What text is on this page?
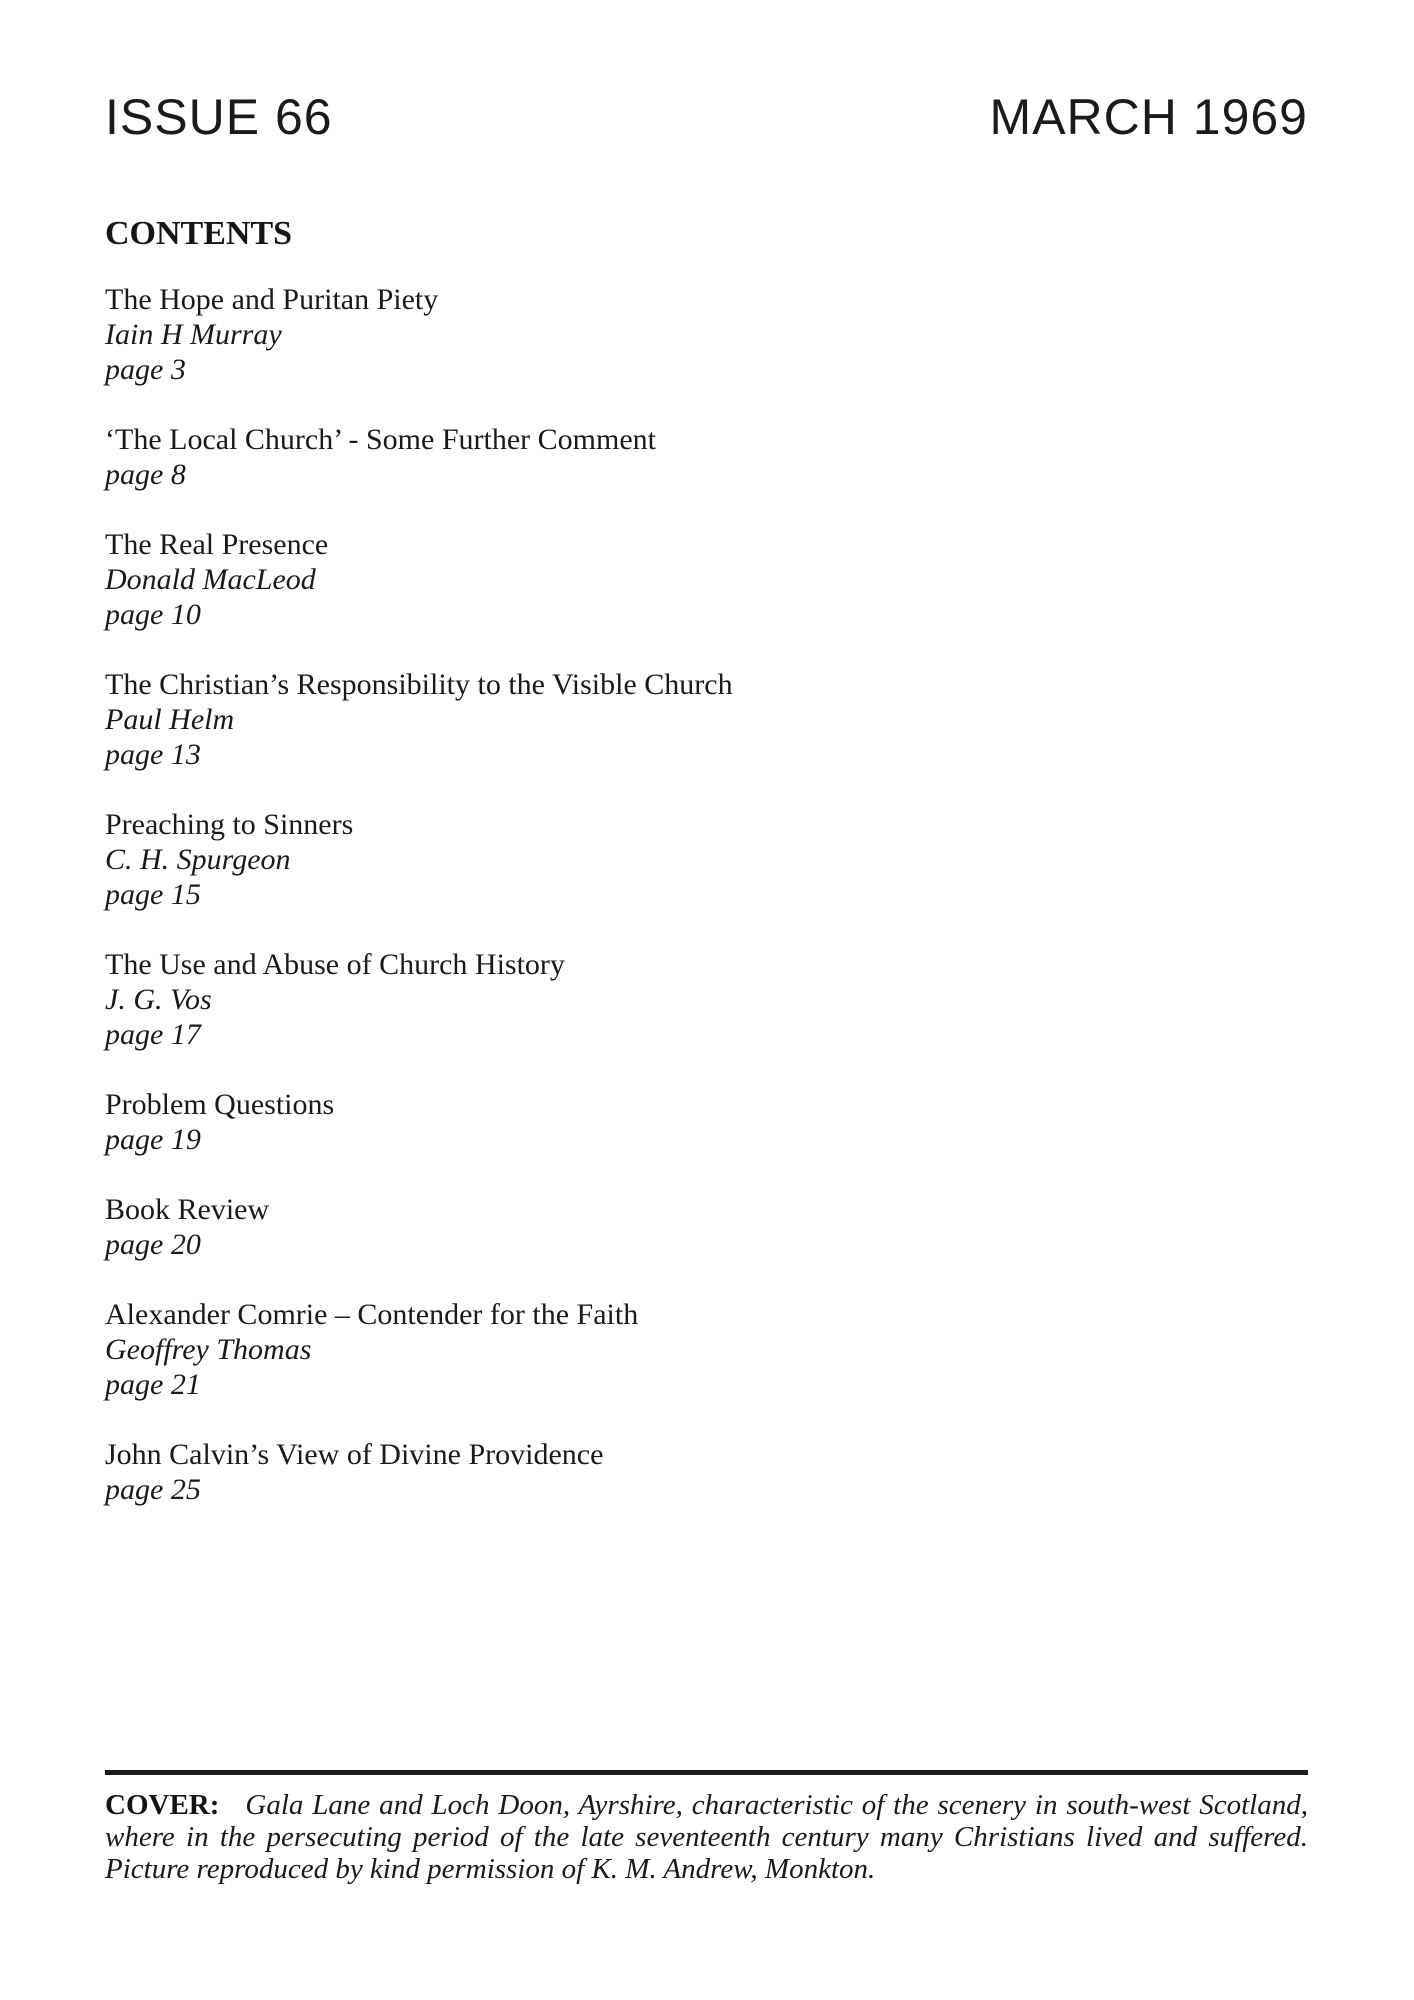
ISSUE 66	MARCH 1969
CONTENTS
The Hope and Puritan Piety
Iain H Murray
page 3
‘The Local Church’ - Some Further Comment
page 8
The Real Presence
Donald MacLeod
page 10
The Christian’s Responsibility to the Visible Church
Paul Helm
page 13
Preaching to Sinners
C. H. Spurgeon
page 15
The Use and Abuse of Church History
J. G. Vos
page 17
Problem Questions
page 19
Book Review
page 20
Alexander Comrie – Contender for the Faith
Geoffrey Thomas
page 21
John Calvin’s View of Divine Providence
page 25

COVER: Gala Lane and Loch Doon, Ayrshire, characteristic of the scenery in south-west Scotland, where in the persecuting period of the late seventeenth century many Christians lived and suffered. Picture reproduced by kind permission of K. M. Andrew, Monkton.
